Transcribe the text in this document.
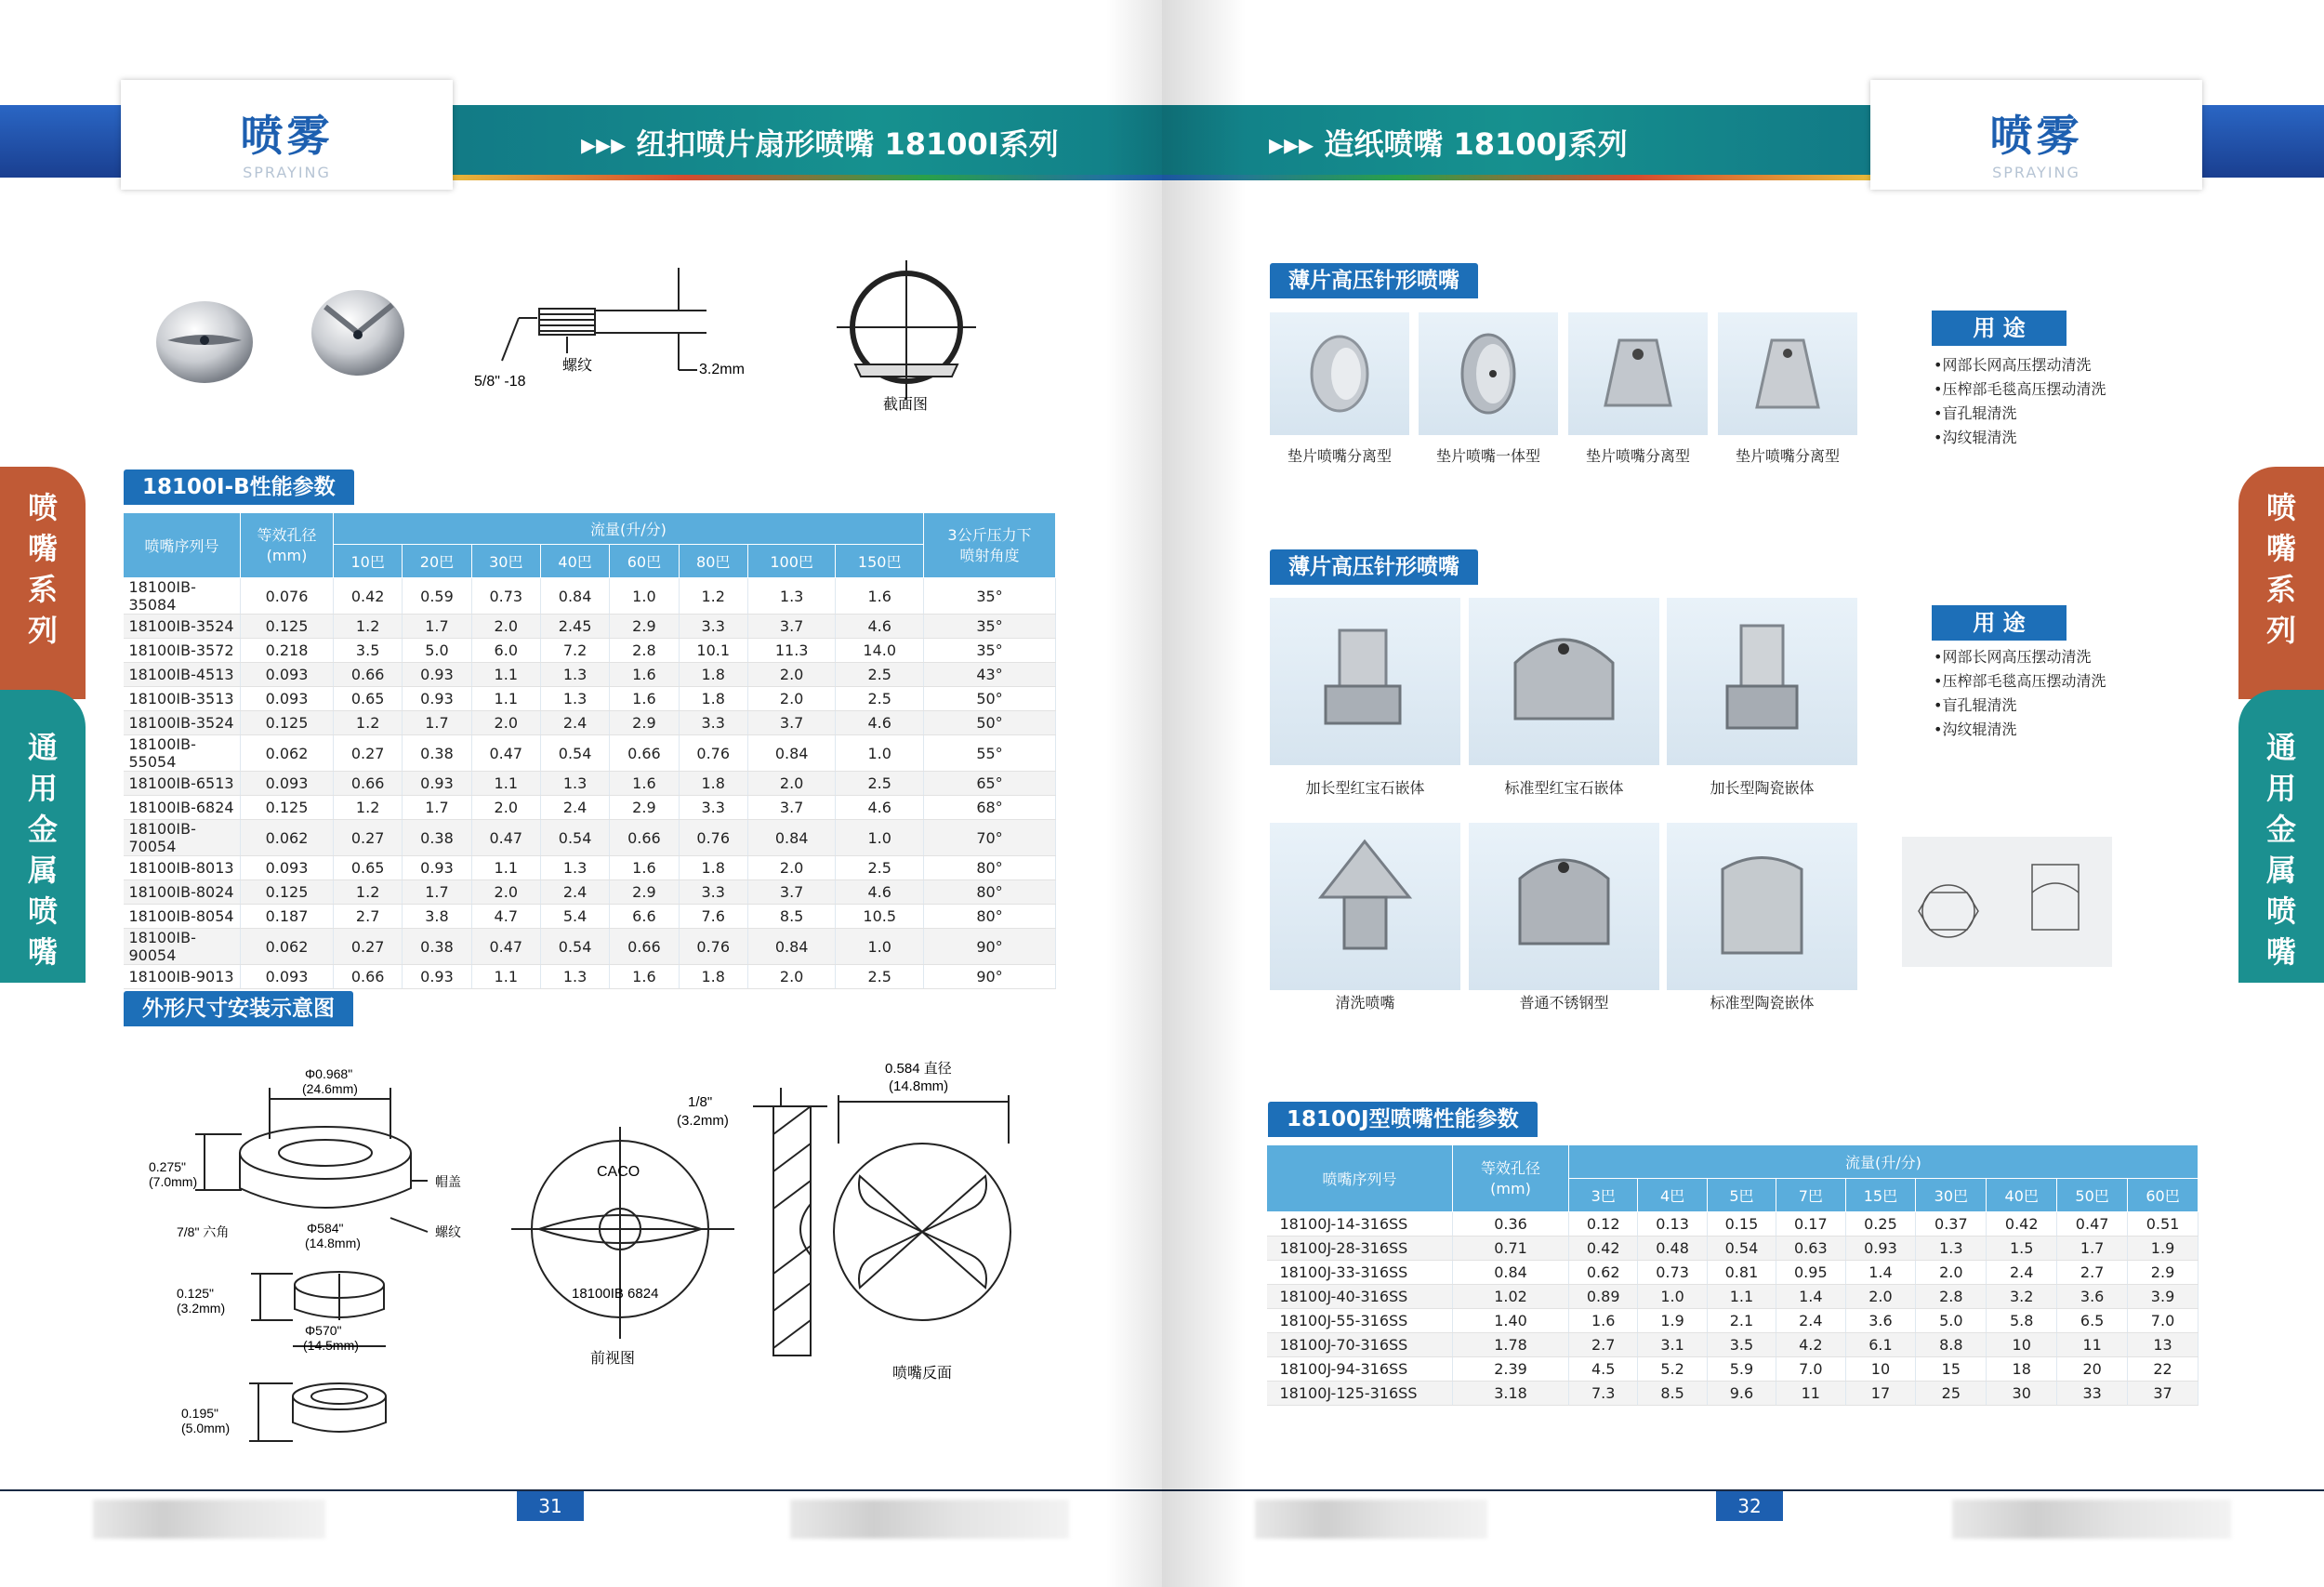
喷雾
SPRAYING
▸▸▸ 纽扣喷片扇形喷嘴 18100I系列
喷
嘴
系
列
通
用
金
属
喷
嘴
5/8" -18
螺纹	3.2mm
截面图
18100I-B性能参数
喷嘴序列号	等效孔径
(mm)	流量(升/分)								3公斤压力下
喷射角度
		10巴	20巴	30巴	40巴	60巴	80巴	100巴	150巴	
18100IB-35084	0.076	0.42	0.59	0.73	0.84	1.0	1.2	1.3	1.6	35°
18100IB-3524	0.125	1.2	1.7	2.0	2.45	2.9	3.3	3.7	4.6	35°
18100IB-3572	0.218	3.5	5.0	6.0	7.2	2.8	10.1	11.3	14.0	35°
18100IB-4513	0.093	0.66	0.93	1.1	1.3	1.6	1.8	2.0	2.5	43°
18100IB-3513	0.093	0.65	0.93	1.1	1.3	1.6	1.8	2.0	2.5	50°
18100IB-3524	0.125	1.2	1.7	2.0	2.4	2.9	3.3	3.7	4.6	50°
18100IB-55054	0.062	0.27	0.38	0.47	0.54	0.66	0.76	0.84	1.0	55°
18100IB-6513	0.093	0.66	0.93	1.1	1.3	1.6	1.8	2.0	2.5	65°
18100IB-6824	0.125	1.2	1.7	2.0	2.4	2.9	3.3	3.7	4.6	68°
18100IB-70054	0.062	0.27	0.38	0.47	0.54	0.66	0.76	0.84	1.0	70°
18100IB-8013	0.093	0.65	0.93	1.1	1.3	1.6	1.8	2.0	2.5	80°
18100IB-8024	0.125	1.2	1.7	2.0	2.4	2.9	3.3	3.7	4.6	80°
18100IB-8054	0.187	2.7	3.8	4.7	5.4	6.6	7.6	8.5	10.5	80°
18100IB-90054	0.062	0.27	0.38	0.47	0.54	0.66	0.76	0.84	1.0	90°
18100IB-9013	0.093	0.66	0.93	1.1	1.3	1.6	1.8	2.0	2.5	90°
外形尺寸安装示意图
Φ0.968"
(24.6mm)
0.275"
(7.0mm)	帽盖
螺纹
7/8" 六角	Φ584"
(14.8mm)
0.125"
(3.2mm)
Φ570"
(14.5mm)
0.195"
(5.0mm)
1/8"
(3.2mm)
CACO
18100IB 6824
前视图
0.584 直径
(14.8mm)
喷嘴反面
31
喷雾
SPRAYING
▸▸▸ 造纸喷嘴 18100J系列
喷
嘴
系
列
通
用
金
属
喷
嘴
薄片高压针形喷嘴
垫片喷嘴分离型	垫片喷嘴一体型	垫片喷嘴分离型	垫片喷嘴分离型
用 途
• 网部长网高压摆动清洗
• 压榨部毛毯高压摆动清洗
• 盲孔辊清洗
• 沟纹辊清洗
薄片高压针形喷嘴
加长型红宝石嵌体	标准型红宝石嵌体	加长型陶瓷嵌体
用 途
• 网部长网高压摆动清洗
• 压榨部毛毯高压摆动清洗
• 盲孔辊清洗
• 沟纹辊清洗
清洗喷嘴	普通不锈钢型	标准型陶瓷嵌体
18100J型喷嘴性能参数
喷嘴序列号	等效孔径
(mm)	流量(升/分)								
		3巴	4巴	5巴	7巴	15巴	30巴	40巴	50巴	60巴
18100J-14-316SS	0.36	0.12	0.13	0.15	0.17	0.25	0.37	0.42	0.47	0.51
18100J-28-316SS	0.71	0.42	0.48	0.54	0.63	0.93	1.3	1.5	1.7	1.9
18100J-33-316SS	0.84	0.62	0.73	0.81	0.95	1.4	2.0	2.4	2.7	2.9
18100J-40-316SS	1.02	0.89	1.0	1.1	1.4	2.0	2.8	3.2	3.6	3.9
18100J-55-316SS	1.40	1.6	1.9	2.1	2.4	3.6	5.0	5.8	6.5	7.0
18100J-70-316SS	1.78	2.7	3.1	3.5	4.2	6.1	8.8	10	11	13
18100J-94-316SS	2.39	4.5	5.2	5.9	7.0	10	15	18	20	22
18100J-125-316SS	3.18	7.3	8.5	9.6	11	17	25	30	33	37
32
